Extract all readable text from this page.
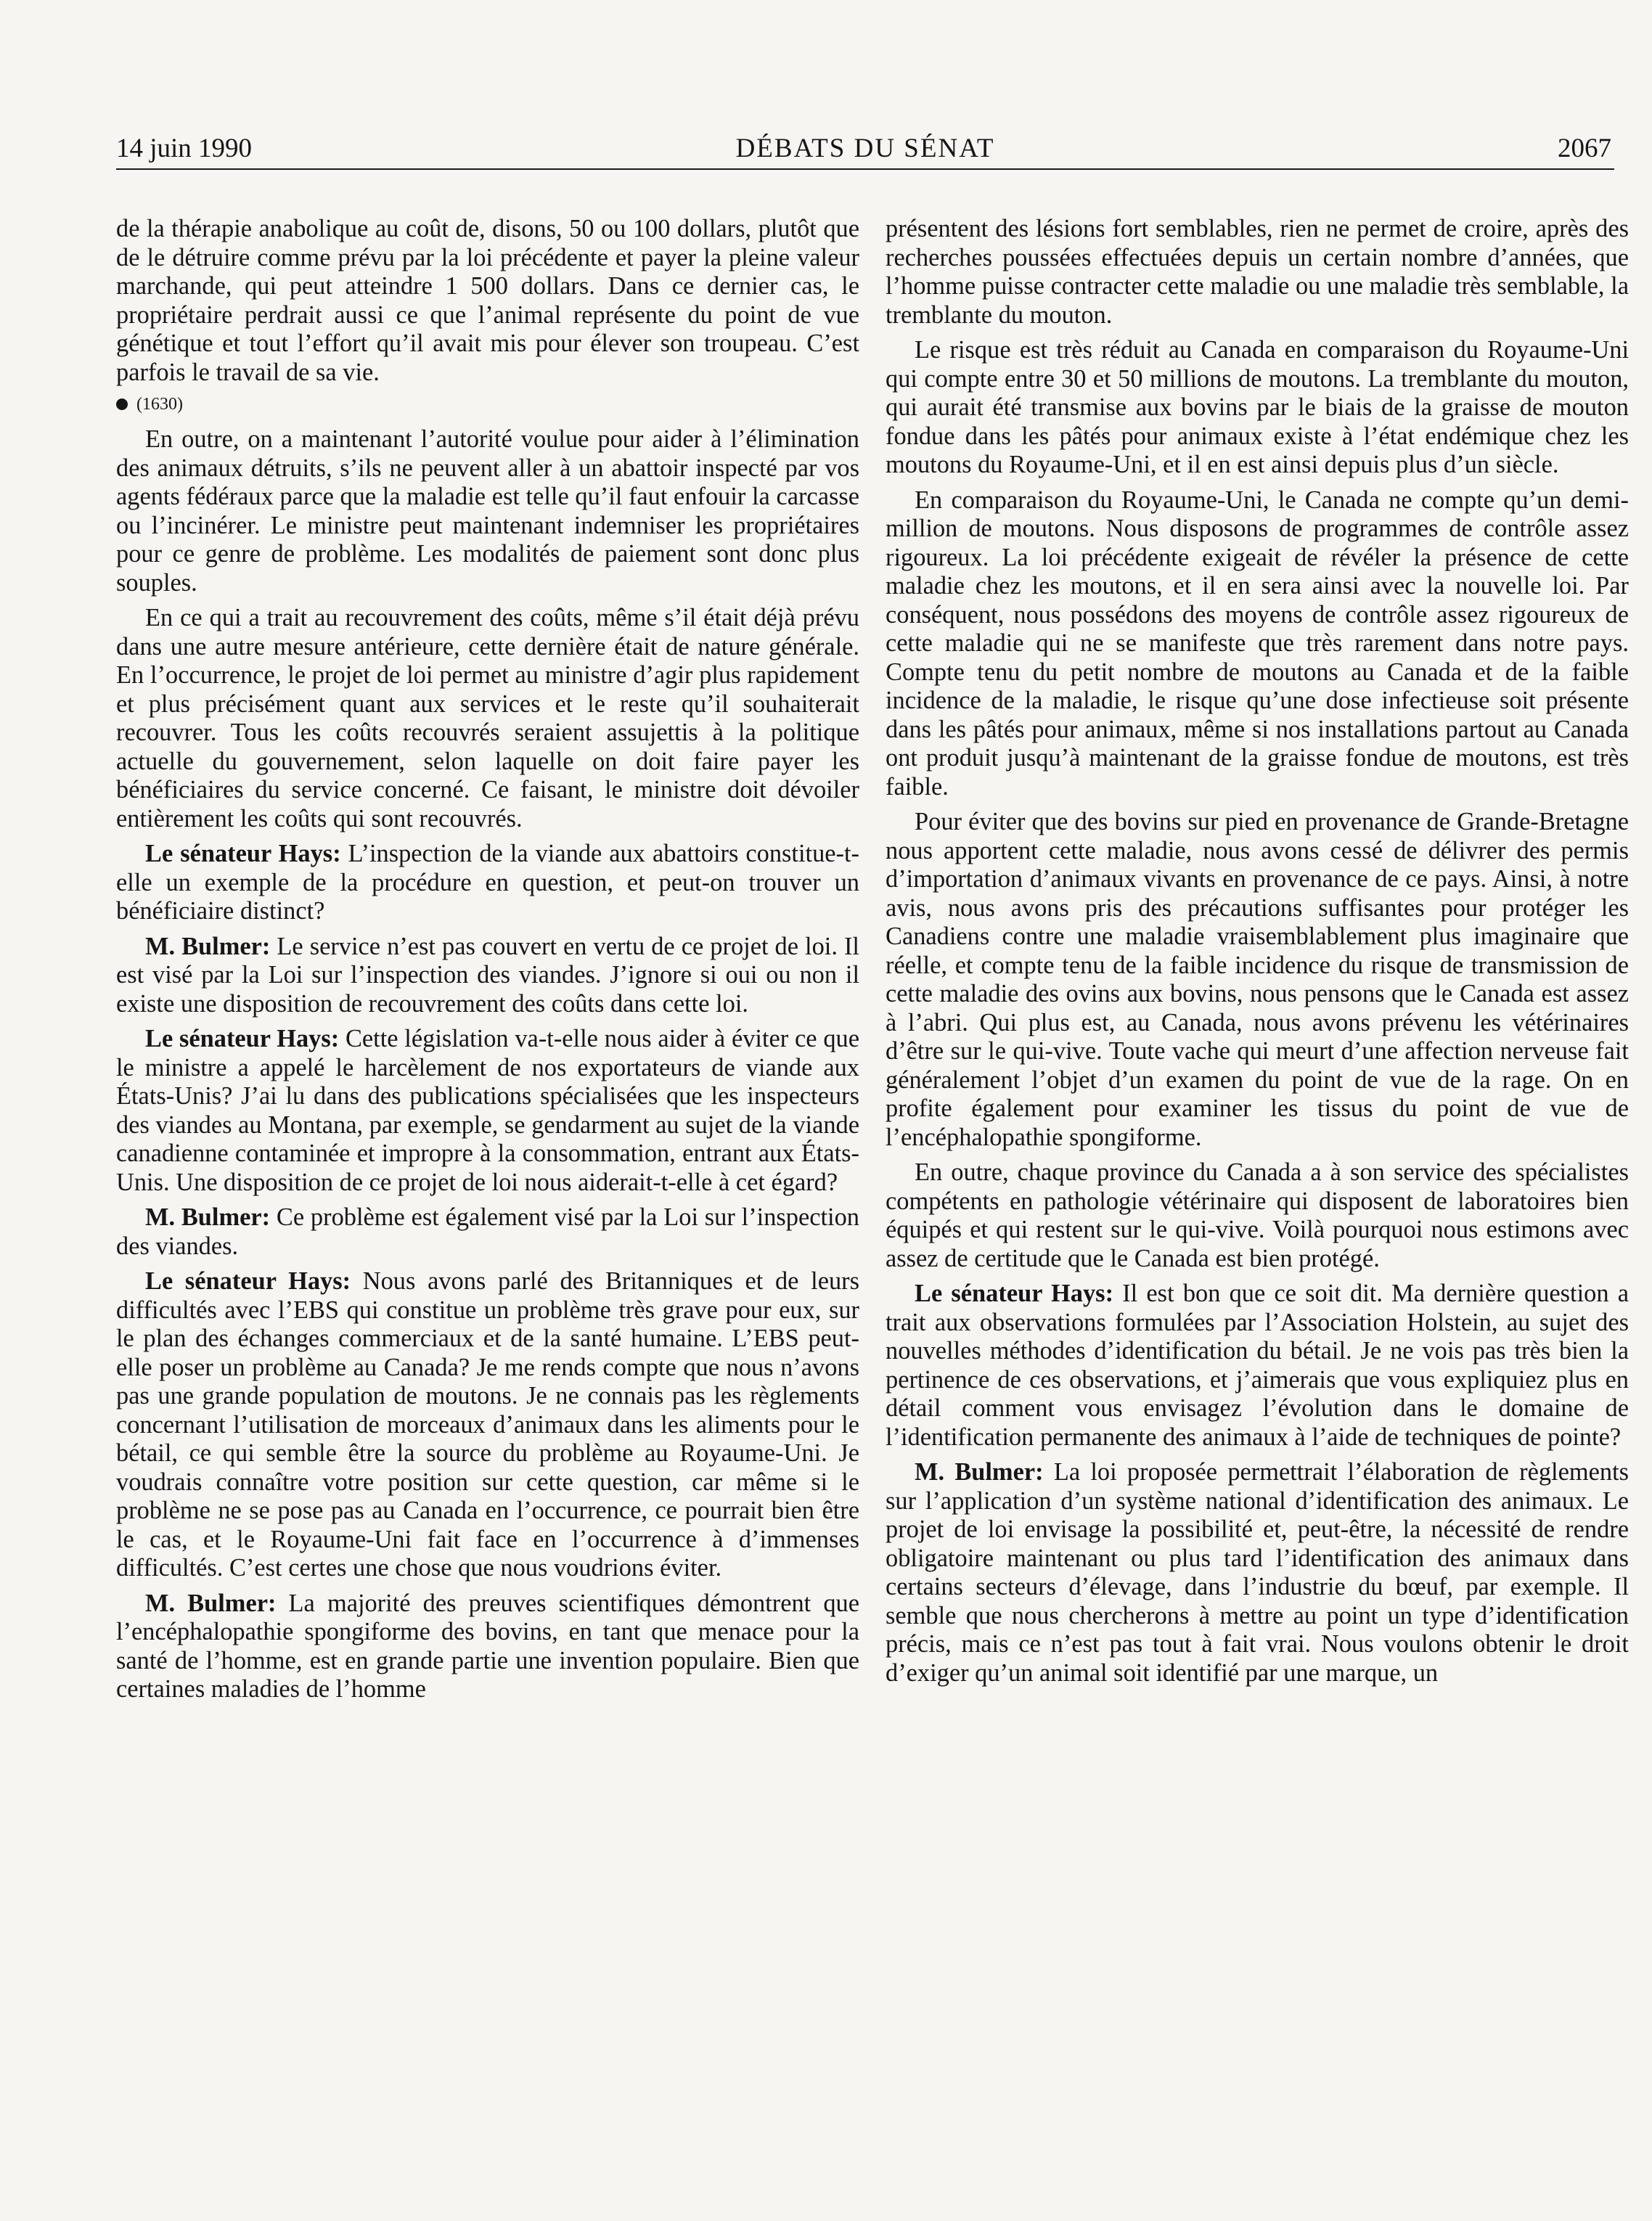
14 juin 1990	DÉBATS DU SÉNAT	2067

de la thérapie anabolique au coût de, disons, 50 ou 100 dollars, plutôt que de le détruire comme prévu par la loi précédente et payer la pleine valeur marchande, qui peut atteindre 1 500 dollars. Dans ce dernier cas, le propriétaire perdrait aussi ce que l’animal représente du point de vue génétique et tout l’effort qu’il avait mis pour élever son troupeau. C’est parfois le travail de sa vie.

(1630)

En outre, on a maintenant l’autorité voulue pour aider à l’élimination des animaux détruits, s’ils ne peuvent aller à un abattoir inspecté par vos agents fédéraux parce que la maladie est telle qu’il faut enfouir la carcasse ou l’incinérer. Le ministre peut maintenant indemniser les propriétaires pour ce genre de problème. Les modalités de paiement sont donc plus souples.

En ce qui a trait au recouvrement des coûts, même s’il était déjà prévu dans une autre mesure antérieure, cette dernière était de nature générale. En l’occurrence, le projet de loi permet au ministre d’agir plus rapidement et plus précisément quant aux services et le reste qu’il souhaiterait recouvrer. Tous les coûts recouvrés seraient assujettis à la politique actuelle du gouvernement, selon laquelle on doit faire payer les bénéficiaires du service concerné. Ce faisant, le ministre doit dévoiler entièrement les coûts qui sont recouvrés.

Le sénateur Hays: L’inspection de la viande aux abattoirs constitue-t-elle un exemple de la procédure en question, et peut-on trouver un bénéficiaire distinct?

M. Bulmer: Le service n’est pas couvert en vertu de ce projet de loi. Il est visé par la Loi sur l’inspection des viandes. J’ignore si oui ou non il existe une disposition de recouvrement des coûts dans cette loi.

Le sénateur Hays: Cette législation va-t-elle nous aider à éviter ce que le ministre a appelé le harcèlement de nos exportateurs de viande aux États-Unis? J’ai lu dans des publications spécialisées que les inspecteurs des viandes au Montana, par exemple, se gendarment au sujet de la viande canadienne contaminée et impropre à la consommation, entrant aux États-Unis. Une disposition de ce projet de loi nous aiderait-t-elle à cet égard?

M. Bulmer: Ce problème est également visé par la Loi sur l’inspection des viandes.

Le sénateur Hays: Nous avons parlé des Britanniques et de leurs difficultés avec l’EBS qui constitue un problème très grave pour eux, sur le plan des échanges commerciaux et de la santé humaine. L’EBS peut-elle poser un problème au Canada? Je me rends compte que nous n’avons pas une grande population de moutons. Je ne connais pas les règlements concernant l’utilisation de morceaux d’animaux dans les aliments pour le bétail, ce qui semble être la source du problème au Royaume-Uni. Je voudrais connaître votre position sur cette question, car même si le problème ne se pose pas au Canada en l’occurrence, ce pourrait bien être le cas, et le Royaume-Uni fait face en l’occurrence à d’immenses difficultés. C’est certes une chose que nous voudrions éviter.

M. Bulmer: La majorité des preuves scientifiques démontrent que l’encéphalopathie spongiforme des bovins, en tant que menace pour la santé de l’homme, est en grande partie une invention populaire. Bien que certaines maladies de l’homme

présentent des lésions fort semblables, rien ne permet de croire, après des recherches poussées effectuées depuis un certain nombre d’années, que l’homme puisse contracter cette maladie ou une maladie très semblable, la tremblante du mouton.

Le risque est très réduit au Canada en comparaison du Royaume-Uni qui compte entre 30 et 50 millions de moutons. La tremblante du mouton, qui aurait été transmise aux bovins par le biais de la graisse de mouton fondue dans les pâtés pour animaux existe à l’état endémique chez les moutons du Royaume-Uni, et il en est ainsi depuis plus d’un siècle.

En comparaison du Royaume-Uni, le Canada ne compte qu’un demi-million de moutons. Nous disposons de programmes de contrôle assez rigoureux. La loi précédente exigeait de révéler la présence de cette maladie chez les moutons, et il en sera ainsi avec la nouvelle loi. Par conséquent, nous possédons des moyens de contrôle assez rigoureux de cette maladie qui ne se manifeste que très rarement dans notre pays. Compte tenu du petit nombre de moutons au Canada et de la faible incidence de la maladie, le risque qu’une dose infectieuse soit présente dans les pâtés pour animaux, même si nos installations partout au Canada ont produit jusqu’à maintenant de la graisse fondue de moutons, est très faible.

Pour éviter que des bovins sur pied en provenance de Grande-Bretagne nous apportent cette maladie, nous avons cessé de délivrer des permis d’importation d’animaux vivants en provenance de ce pays. Ainsi, à notre avis, nous avons pris des précautions suffisantes pour protéger les Canadiens contre une maladie vraisemblablement plus imaginaire que réelle, et compte tenu de la faible incidence du risque de transmission de cette maladie des ovins aux bovins, nous pensons que le Canada est assez à l’abri. Qui plus est, au Canada, nous avons prévenu les vétérinaires d’être sur le qui-vive. Toute vache qui meurt d’une affection nerveuse fait généralement l’objet d’un examen du point de vue de la rage. On en profite également pour examiner les tissus du point de vue de l’encéphalopathie spongiforme.

En outre, chaque province du Canada a à son service des spécialistes compétents en pathologie vétérinaire qui disposent de laboratoires bien équipés et qui restent sur le qui-vive. Voilà pourquoi nous estimons avec assez de certitude que le Canada est bien protégé.

Le sénateur Hays: Il est bon que ce soit dit. Ma dernière question a trait aux observations formulées par l’Association Holstein, au sujet des nouvelles méthodes d’identification du bétail. Je ne vois pas très bien la pertinence de ces observations, et j’aimerais que vous expliquiez plus en détail comment vous envisagez l’évolution dans le domaine de l’identification permanente des animaux à l’aide de techniques de pointe?

M. Bulmer: La loi proposée permettrait l’élaboration de règlements sur l’application d’un système national d’identification des animaux. Le projet de loi envisage la possibilité et, peut-être, la nécessité de rendre obligatoire maintenant ou plus tard l’identification des animaux dans certains secteurs d’élevage, dans l’industrie du bœuf, par exemple. Il semble que nous chercherons à mettre au point un type d’identification précis, mais ce n’est pas tout à fait vrai. Nous voulons obtenir le droit d’exiger qu’un animal soit identifié par une marque, un
